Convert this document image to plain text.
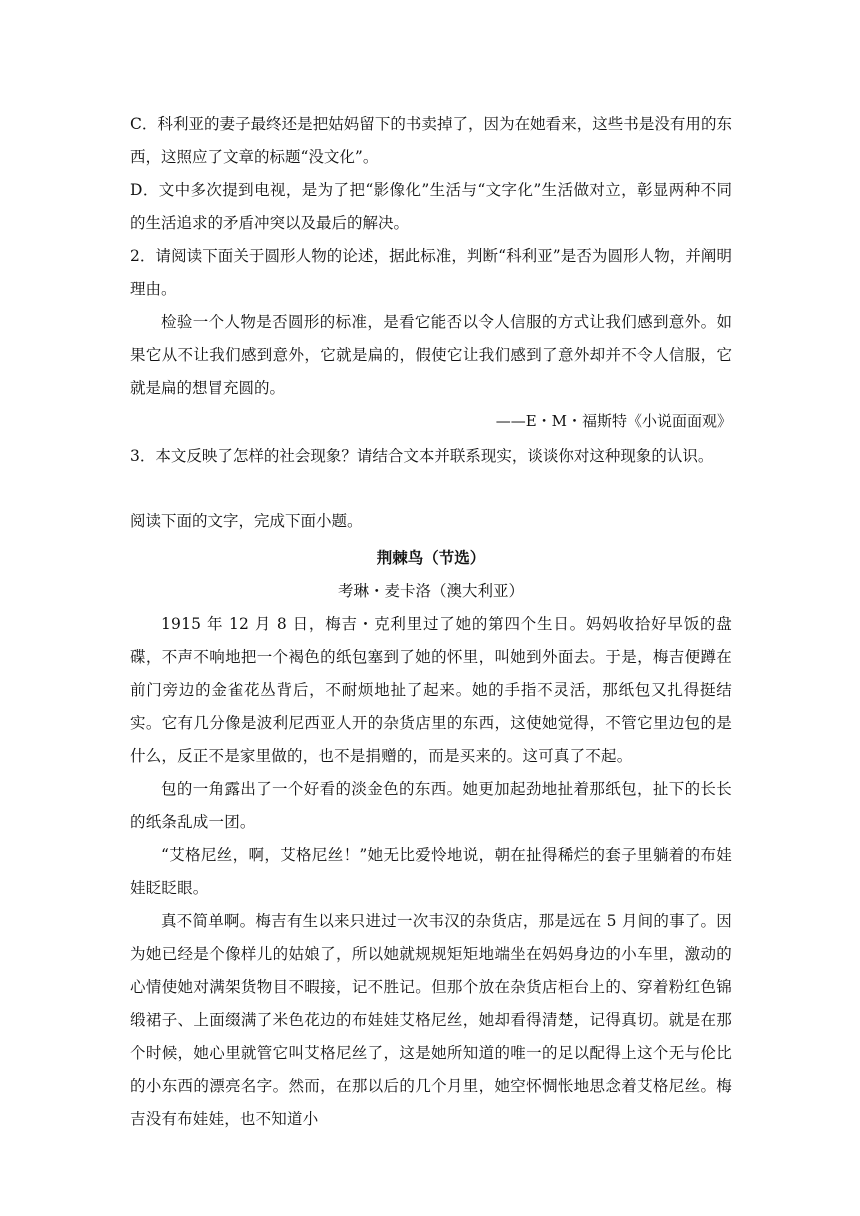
C．科利亚的妻子最终还是把姑妈留下的书卖掉了，因为在她看来，这些书是没有用的东西，这照应了文章的标题“没文化”。

D．文中多次提到电视，是为了把“影像化”生活与“文字化”生活做对立，彰显两种不同的生活追求的矛盾冲突以及最后的解决。

2．请阅读下面关于圆形人物的论述，据此标准，判断“科利亚”是否为圆形人物，并阐明理由。

检验一个人物是否圆形的标准，是看它能否以令人信服的方式让我们感到意外。如果它从不让我们感到意外，它就是扁的，假使它让我们感到了意外却并不令人信服，它就是扁的想冒充圆的。

——E・M・福斯特《小说面面观》

3．本文反映了怎样的社会现象？请结合文本并联系现实，谈谈你对这种现象的认识。

阅读下面的文字，完成下面小题。

荆棘鸟（节选）

考琳・麦卡洛（澳大利亚）

1915 年 12 月 8 日，梅吉・克利里过了她的第四个生日。妈妈收拾好早饭的盘碟，不声不响地把一个褐色的纸包塞到了她的怀里，叫她到外面去。于是，梅吉便蹲在前门旁边的金雀花丛背后，不耐烦地扯了起来。她的手指不灵活，那纸包又扎得挺结实。它有几分像是波利尼西亚人开的杂货店里的东西，这使她觉得，不管它里边包的是什么，反正不是家里做的，也不是捐赠的，而是买来的。这可真了不起。

包的一角露出了一个好看的淡金色的东西。她更加起劲地扯着那纸包，扯下的长长的纸条乱成一团。

“艾格尼丝，啊，艾格尼丝！”她无比爱怜地说，朝在扯得稀烂的套子里躺着的布娃娃眨眨眼。

真不简单啊。梅吉有生以来只进过一次韦汉的杂货店，那是远在 5 月间的事了。因为她已经是个像样儿的姑娘了，所以她就规规矩矩地端坐在妈妈身边的小车里，激动的心情使她对满架货物目不暇接，记不胜记。但那个放在杂货店柜台上的、穿着粉红色锦缎裙子、上面缀满了米色花边的布娃娃艾格尼丝，她却看得清楚，记得真切。就是在那个时候，她心里就管它叫艾格尼丝了，这是她所知道的唯一的足以配得上这个无与伦比的小东西的漂亮名字。然而，在那以后的几个月里，她空怀惆怅地思念着艾格尼丝。梅吉没有布娃娃，也不知道小
